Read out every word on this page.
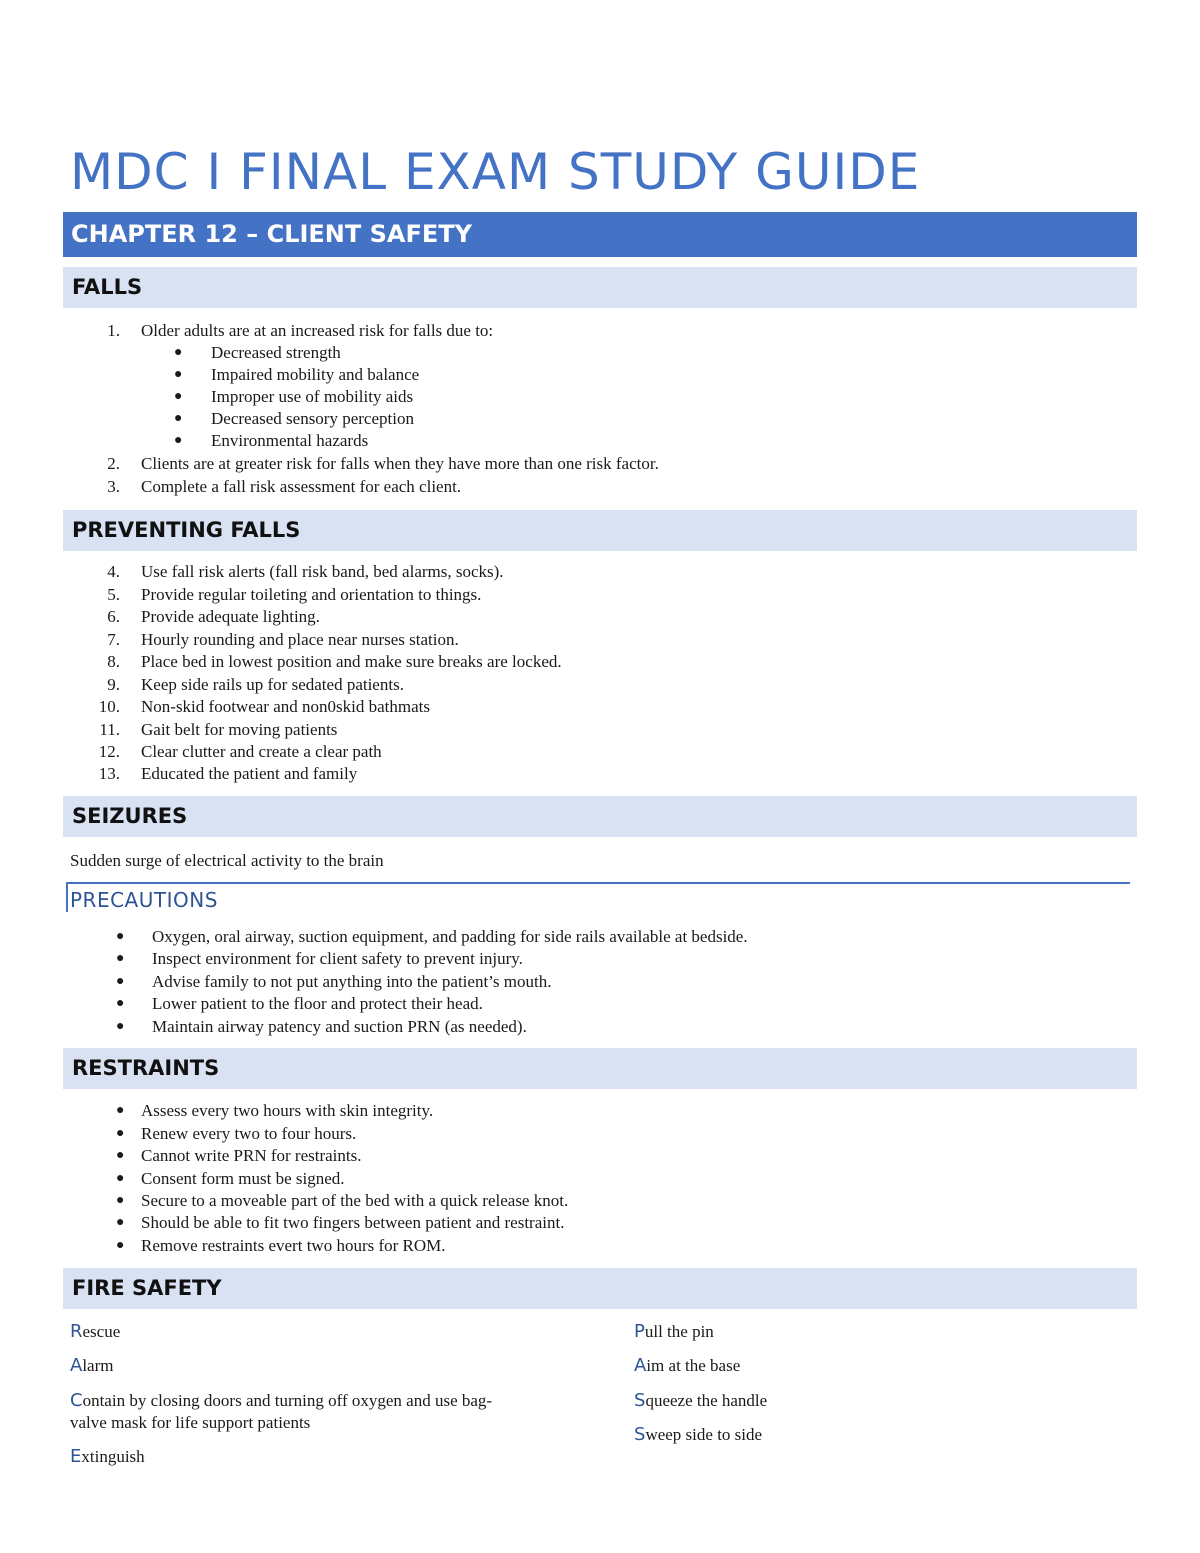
MDC I FINAL EXAM STUDY GUIDE
CHAPTER 12 – CLIENT SAFETY
FALLS
1. Older adults are at an increased risk for falls due to:
● Decreased strength
● Impaired mobility and balance
● Improper use of mobility aids
● Decreased sensory perception
● Environmental hazards
2. Clients are at greater risk for falls when they have more than one risk factor.
3. Complete a fall risk assessment for each client.
PREVENTING FALLS
4. Use fall risk alerts (fall risk band, bed alarms, socks).
5. Provide regular toileting and orientation to things.
6. Provide adequate lighting.
7. Hourly rounding and place near nurses station.
8. Place bed in lowest position and make sure breaks are locked.
9. Keep side rails up for sedated patients.
10. Non-skid footwear and non0skid bathmats
11. Gait belt for moving patients
12. Clear clutter and create a clear path
13. Educated the patient and family
SEIZURES
Sudden surge of electrical activity to the brain
PRECAUTIONS
● Oxygen, oral airway, suction equipment, and padding for side rails available at bedside.
● Inspect environment for client safety to prevent injury.
● Advise family to not put anything into the patient’s mouth.
● Lower patient to the floor and protect their head.
● Maintain airway patency and suction PRN (as needed).
RESTRAINTS
● Assess every two hours with skin integrity.
● Renew every two to four hours.
● Cannot write PRN for restraints.
● Consent form must be signed.
● Secure to a moveable part of the bed with a quick release knot.
● Should be able to fit two fingers between patient and restraint.
● Remove restraints evert two hours for ROM.
FIRE SAFETY
Rescue
Alarm
Contain by closing doors and turning off oxygen and use bag-
valve mask for life support patients
Extinguish
Pull the pin
Aim at the base
Squeeze the handle
Sweep side to side
